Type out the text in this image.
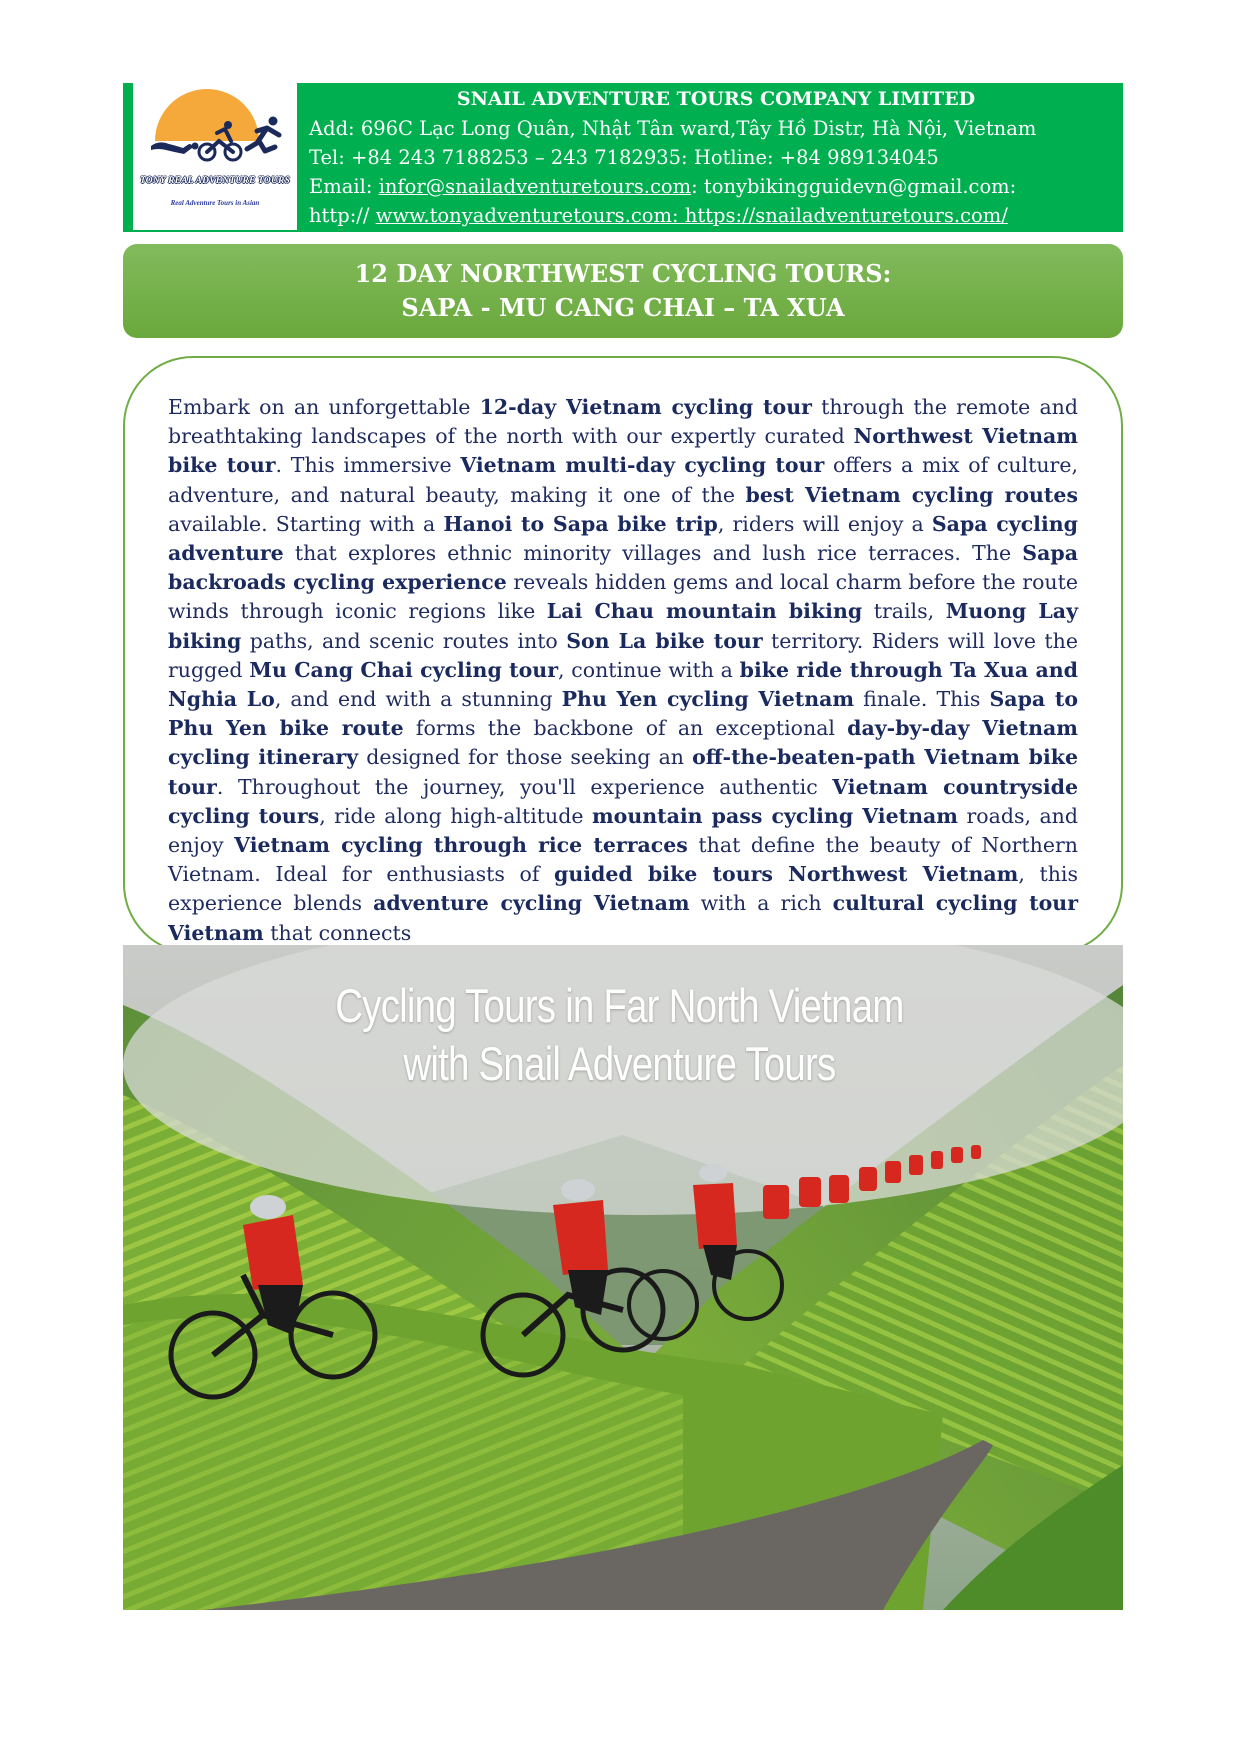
TONY REAL ADVENTURE TOURS
Real Adventure Tours in Asian
SNAIL ADVENTURE TOURS COMPANY LIMITED
Add: 696C Lạc Long Quân, Nhật Tân ward,Tây Hồ Distr, Hà Nội, Vietnam
Tel: +84 243 7188253 – 243 7182935: Hotline: +84 989134045
Email: infor@snailadventuretours.com: tonybikingguidevn@gmail.com:
http:// www.tonyadventuretours.com: https://snailadventuretours.com/
12 DAY NORTHWEST CYCLING TOURS:
SAPA - MU CANG CHAI – TA XUA

Embark on an unforgettable 12-day Vietnam cycling tour through the remote and breathtaking landscapes of the north with our expertly curated Northwest Vietnam bike tour. This immersive Vietnam multi-day cycling tour offers a mix of culture, adventure, and natural beauty, making it one of the best Vietnam cycling routes available. Starting with a Hanoi to Sapa bike trip, riders will enjoy a Sapa cycling adventure that explores ethnic minority villages and lush rice terraces. The Sapa backroads cycling experience reveals hidden gems and local charm before the route winds through iconic regions like Lai Chau mountain biking trails, Muong Lay biking paths, and scenic routes into Son La bike tour territory. Riders will love the rugged Mu Cang Chai cycling tour, continue with a bike ride through Ta Xua and Nghia Lo, and end with a stunning Phu Yen cycling Vietnam finale. This Sapa to Phu Yen bike route forms the backbone of an exceptional day-by-day Vietnam cycling itinerary designed for those seeking an off-the-beaten-path Vietnam bike tour. Throughout the journey, you'll experience authentic Vietnam countryside cycling tours, ride along high-altitude mountain pass cycling Vietnam roads, and enjoy Vietnam cycling through rice terraces that define the beauty of Northern Vietnam. Ideal for enthusiasts of guided bike tours Northwest Vietnam, this experience blends adventure cycling Vietnam with a rich cultural cycling tour Vietnam that connects

Cycling Tours in Far North Vietnam
with Snail Adventure Tours
